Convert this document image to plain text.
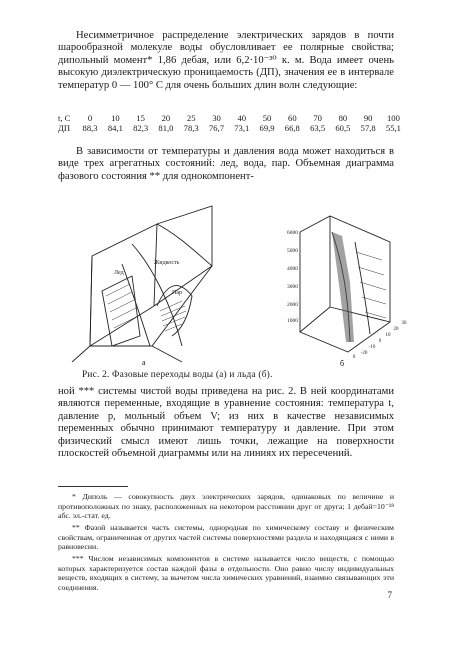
Несимметричное распределение электрических зарядов в почти шарообразной молекуле воды обусловливает ее полярные свойства; дипольный момент* 1,86 дебая, или 6,2·10⁻³⁰ к. м. Вода имеет очень высокую диэлектрическую проницаемость (ДП), значения ее в интервале температур 0 — 100° С для очень больших длин волн следующие:

t, C	0	10	15	20	25	30	40	50	60	70	80	90	100
ДП	88,3	84,1	82,3	81,0	78,3	76,7	73,1	69,9	66,8	63,5	60,5	57,8	55,1

В зависимости от температуры и давления вода может находиться в виде трех агрегатных состояний: лед, вода, пар. Объемная диаграмма фазового состояния ** для однокомпонент-

Лед
Жидкость
Пар
а
6000
5000
4000
3000
2000
1000
0
-20
-10
0
10
20
30
б
Рис. 2. Фазовые переходы воды (а) и льда (б).

ной *** системы чистой воды приведена на рис. 2. В ней координатами являются переменные, входящие в уравнение состояния: температура t, давление p, мольный объем V; из них в качестве независимых переменных обычно принимают температуру и давление. При этом физический смысл имеют лишь точки, лежащие на поверхности плоскостей объемной диаграммы или на линиях их пересечений.

* Диполь — совокупность двух электрических зарядов, одинаковых по величине и противоположных по знаку, расположенных на некотором расстоянии друг от друга; 1 дебай=10⁻¹⁸ абс. эл.-стат. ед.

** Фазой называется часть системы, однородная по химическому составу и физическим свойствам, ограниченная от других частей системы поверхностями раздела и находящаяся с ними в равновесии.

*** Числом независимых компонентов в системе называется число веществ, с помощью которых характеризуется состав каждой фазы в отдельности. Оно равно числу индивидуальных веществ, входящих в систему, за вычетом числа химических уравнений, взаимно связывающих эти соединения.

7
